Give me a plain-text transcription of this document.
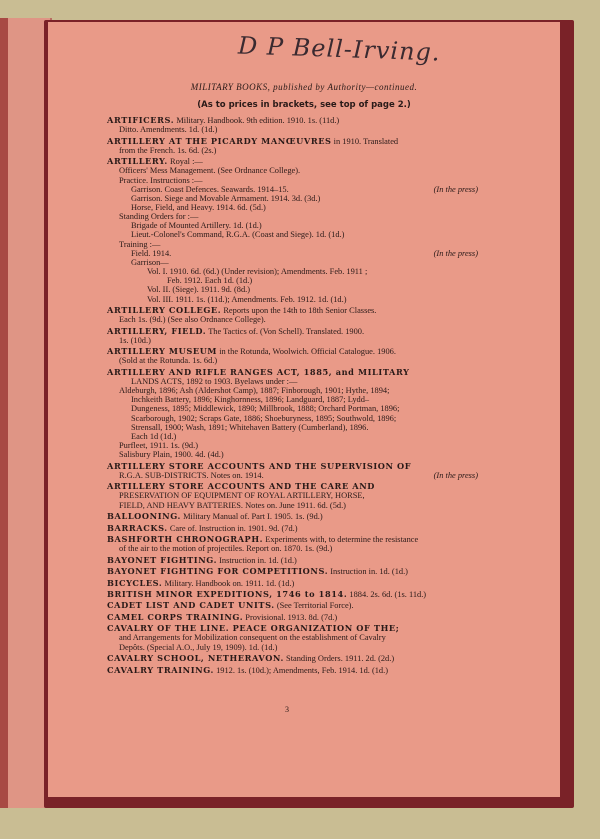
D P Bell-Irving.
MILITARY BOOKS, published by Authority—continued.
(As to prices in brackets, see top of page 2.)
3
ARTIFICERS. Military. Handbook. 9th edition. 1910. 1s. (11d.)
Ditto. Amendments. 1d. (1d.)
ARTILLERY AT THE PICARDY MANŒUVRES in 1910. Translated
from the French. 1s. 6d. (2s.)
ARTILLERY. Royal :—
Officers' Mess Management. (See Ordnance College).
Practice. Instructions :—
Garrison. Coast Defences. Seawards. 1914–15.	(In the press)
Garrison. Siege and Movable Armament. 1914. 3d. (3d.)
Horse, Field, and Heavy. 1914. 6d. (5d.)
Standing Orders for :—
Brigade of Mounted Artillery. 1d. (1d.)
Lieut.-Colonel's Command, R.G.A. (Coast and Siege). 1d. (1d.)
Training :—
Field. 1914.	(In the press)
Garrison—
Vol. I. 1910. 6d. (6d.) (Under revision); Amendments. Feb. 1911 ;
Feb. 1912. Each 1d. (1d.)
Vol. II. (Siege). 1911. 9d. (8d.)
Vol. III. 1911. 1s. (11d.); Amendments. Feb. 1912. 1d. (1d.)
ARTILLERY COLLEGE. Reports upon the 14th to 18th Senior Classes.
Each 1s. (9d.) (See also Ordnance College).
ARTILLERY, FIELD. The Tactics of. (Von Schell). Translated. 1900.
1s. (10d.)
ARTILLERY MUSEUM in the Rotunda, Woolwich. Official Catalogue. 1906.
(Sold at the Rotunda. 1s. 6d.)
ARTILLERY AND RIFLE RANGES ACT, 1885, and MILITARY
LANDS ACTS, 1892 to 1903. Byelaws under :—
Aldeburgh, 1896; Ash (Aldershot Camp), 1887; Finborough, 1901; Hythe, 1894;
Inchkeith Battery, 1896; Kinghornness, 1896; Landguard, 1887; Lydd–
Dungeness, 1895; Middlewick, 1890; Millbrook, 1888; Orchard Portman, 1896;
Scarborough, 1902; Scraps Gate, 1886; Shoeburyness, 1895; Southwold, 1896;
Strensall, 1900; Wash, 1891; Whitehaven Battery (Cumberland), 1896.
Each 1d (1d.)
Purfleet, 1911. 1s. (9d.)
Salisbury Plain, 1900. 4d. (4d.)
ARTILLERY STORE ACCOUNTS AND THE SUPERVISION OF
R.G.A. SUB-DISTRICTS. Notes on. 1914.	(In the press)
ARTILLERY STORE ACCOUNTS AND THE CARE AND
PRESERVATION OF EQUIPMENT OF ROYAL ARTILLERY, HORSE,
FIELD, AND HEAVY BATTERIES. Notes on. June 1911. 6d. (5d.)
BALLOONING. Military Manual of. Part I. 1905. 1s. (9d.)
BARRACKS. Care of. Instruction in. 1901. 9d. (7d.)
BASHFORTH CHRONOGRAPH. Experiments with, to determine the resistance
of the air to the motion of projectiles. Report on. 1870. 1s. (9d.)
BAYONET FIGHTING. Instruction in. 1d. (1d.)
BAYONET FIGHTING FOR COMPETITIONS. Instruction in. 1d. (1d.)
BICYCLES. Military. Handbook on. 1911. 1d. (1d.)
BRITISH MINOR EXPEDITIONS, 1746 to 1814. 1884. 2s. 6d. (1s. 11d.)
CADET LIST AND CADET UNITS. (See Territorial Force).
CAMEL CORPS TRAINING. Provisional. 1913. 8d. (7d.)
CAVALRY OF THE LINE. PEACE ORGANIZATION OF THE;
and Arrangements for Mobilization consequent on the establishment of Cavalry
Depôts. (Special A.O., July 19, 1909). 1d. (1d.)
CAVALRY SCHOOL, NETHERAVON. Standing Orders. 1911. 2d. (2d.)
CAVALRY TRAINING. 1912. 1s. (10d.); Amendments, Feb. 1914. 1d. (1d.)
